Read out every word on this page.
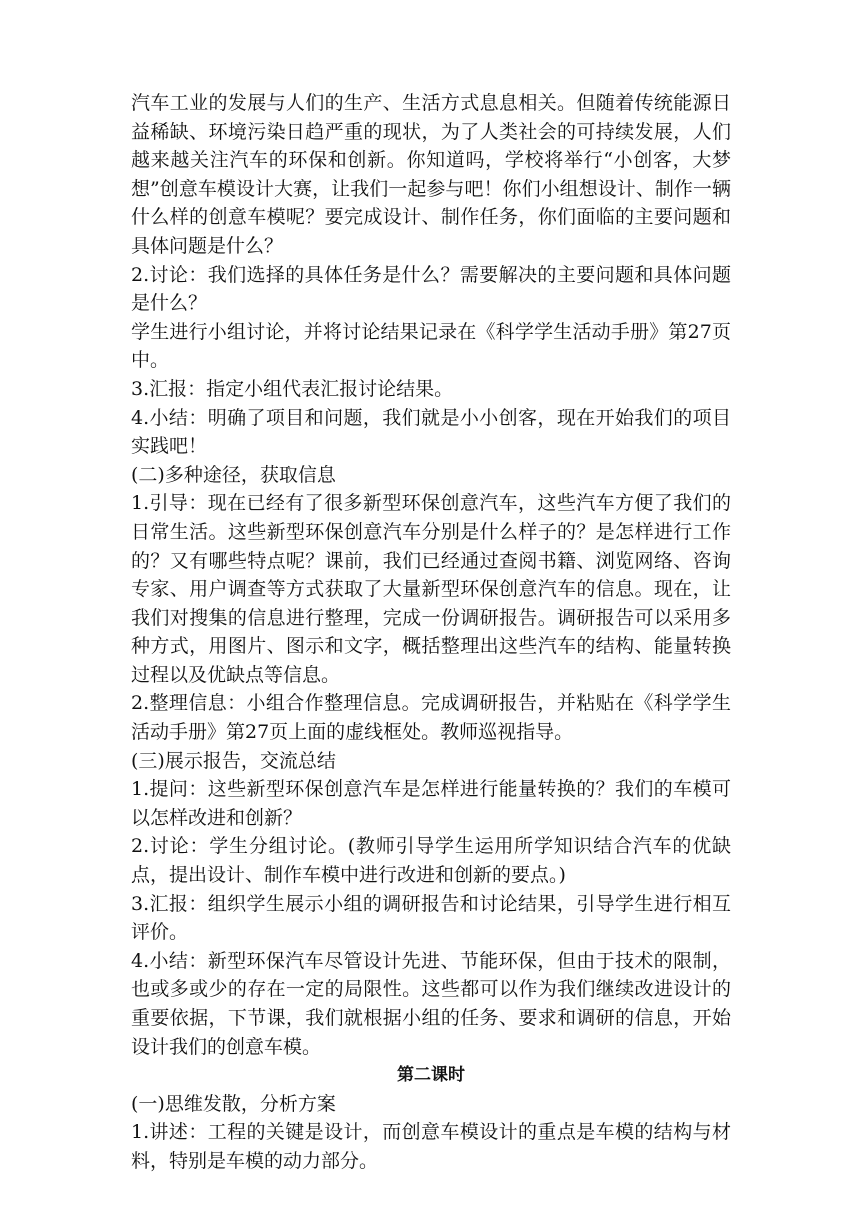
汽车工业的发展与人们的生产、生活方式息息相关。但随着传统能源日益稀缺、环境污染日趋严重的现状，为了人类社会的可持续发展，人们越来越关注汽车的环保和创新。你知道吗，学校将举行“小创客，大梦想”创意车模设计大赛，让我们一起参与吧！你们小组想设计、制作一辆什么样的创意车模呢？要完成设计、制作任务，你们面临的主要问题和具体问题是什么？

2.讨论：我们选择的具体任务是什么？需要解决的主要问题和具体问题是什么？

学生进行小组讨论，并将讨论结果记录在《科学学生活动手册》第27页中。

3.汇报：指定小组代表汇报讨论结果。

4.小结：明确了项目和问题，我们就是小小创客，现在开始我们的项目实践吧！

(二)多种途径，获取信息

1.引导：现在已经有了很多新型环保创意汽车，这些汽车方便了我们的日常生活。这些新型环保创意汽车分别是什么样子的？是怎样进行工作的？又有哪些特点呢？课前，我们已经通过查阅书籍、浏览网络、咨询专家、用户调查等方式获取了大量新型环保创意汽车的信息。现在，让我们对搜集的信息进行整理，完成一份调研报告。调研报告可以采用多种方式，用图片、图示和文字，概括整理出这些汽车的结构、能量转换过程以及优缺点等信息。

2.整理信息：小组合作整理信息。完成调研报告，并粘贴在《科学学生活动手册》第27页上面的虚线框处。教师巡视指导。

(三)展示报告，交流总结

1.提问：这些新型环保创意汽车是怎样进行能量转换的？我们的车模可以怎样改进和创新？

2.讨论：学生分组讨论。(教师引导学生运用所学知识结合汽车的优缺点，提出设计、制作车模中进行改进和创新的要点。)

3.汇报：组织学生展示小组的调研报告和讨论结果，引导学生进行相互评价。

4.小结：新型环保汽车尽管设计先进、节能环保，但由于技术的限制，也或多或少的存在一定的局限性。这些都可以作为我们继续改进设计的重要依据，下节课，我们就根据小组的任务、要求和调研的信息，开始设计我们的创意车模。

第二课时

(一)思维发散，分析方案

1.讲述：工程的关键是设计，而创意车模设计的重点是车模的结构与材料，特别是车模的动力部分。
